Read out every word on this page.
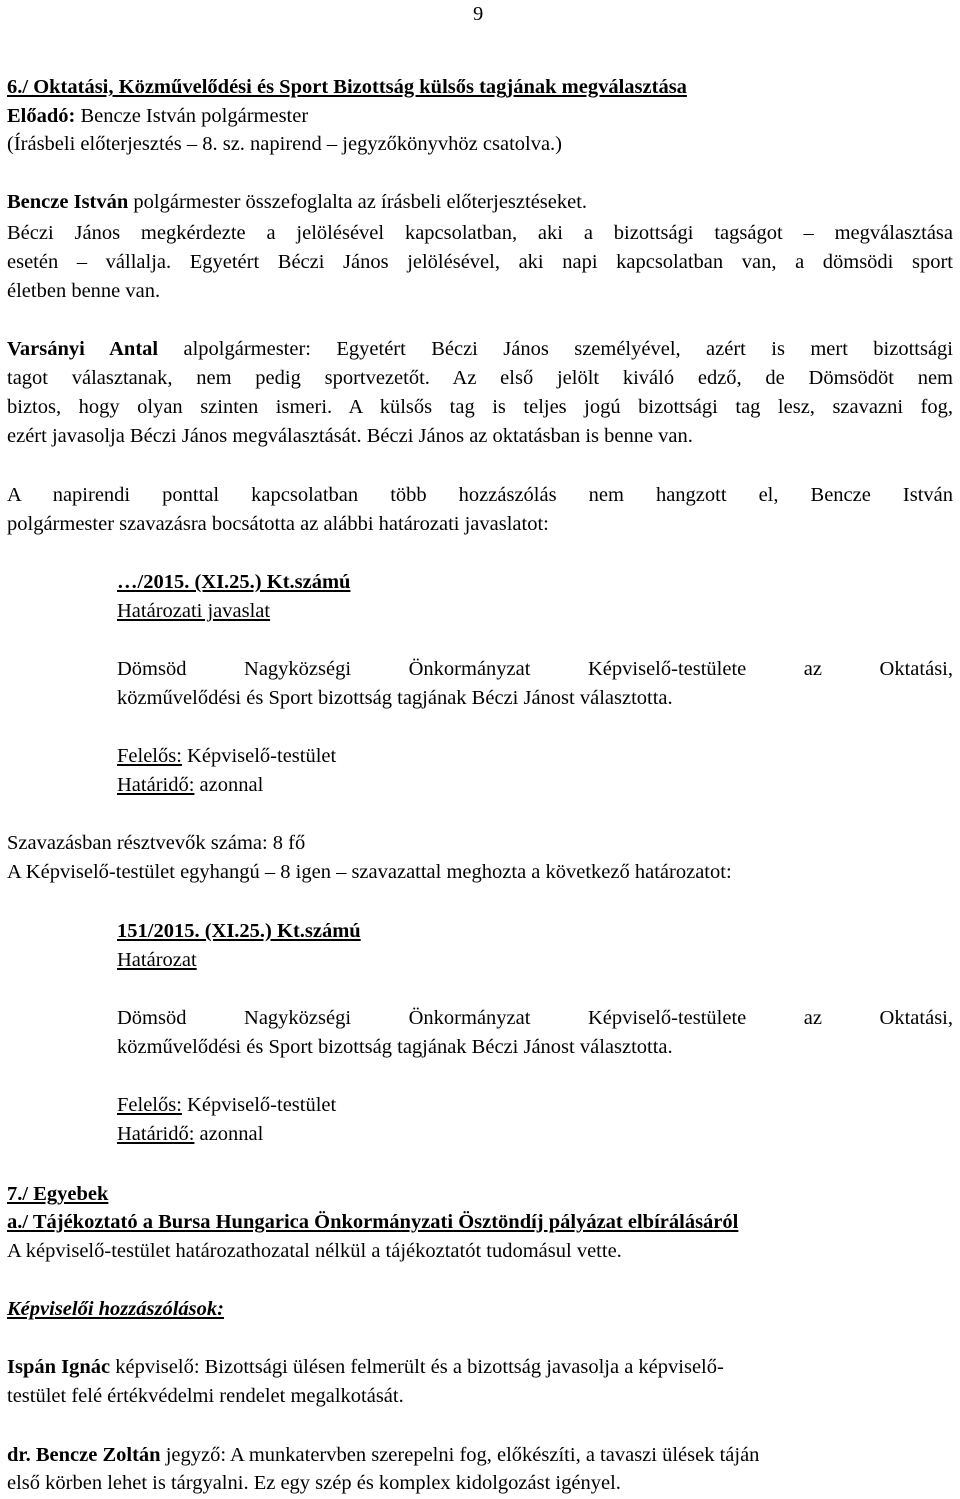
9
6./ Oktatási, Közművelődési és Sport Bizottság külsős tagjának megválasztása
Előadó: Bencze István polgármester
(Írásbeli előterjesztés – 8. sz. napirend – jegyzőkönyvhöz csatolva.)
Bencze István polgármester összefoglalta az írásbeli előterjesztéseket.
Béczi János megkérdezte a jelölésével kapcsolatban, aki a bizottsági tagságot – megválasztása
esetén – vállalja. Egyetért Béczi János jelölésével, aki napi kapcsolatban van, a dömsödi sport
életben benne van.
Varsányi Antal alpolgármester: Egyetért Béczi János személyével, azért is mert bizottsági
tagot választanak, nem pedig sportvezetőt. Az első jelölt kiváló edző, de Dömsödöt nem
biztos, hogy olyan szinten ismeri. A külsős tag is teljes jogú bizottsági tag lesz, szavazni fog,
ezért javasolja Béczi János megválasztását. Béczi János az oktatásban is benne van.
A napirendi ponttal kapcsolatban több hozzászólás nem hangzott el, Bencze István
polgármester szavazásra bocsátotta az alábbi határozati javaslatot:
…/2015. (XI.25.) Kt.számú
Határozati javaslat
Dömsöd Nagyközségi Önkormányzat Képviselő-testülete az Oktatási,
közművelődési és Sport bizottság tagjának Béczi Jánost választotta.
Felelős: Képviselő-testület
Határidő: azonnal
Szavazásban résztvevők száma: 8 fő
A Képviselő-testület egyhangú – 8 igen – szavazattal meghozta a következő határozatot:
151/2015. (XI.25.) Kt.számú
Határozat
Dömsöd Nagyközségi Önkormányzat Képviselő-testülete az Oktatási,
közművelődési és Sport bizottság tagjának Béczi Jánost választotta.
Felelős: Képviselő-testület
Határidő: azonnal
7./ Egyebek
a./ Tájékoztató a Bursa Hungarica Önkormányzati Ösztöndíj pályázat elbírálásáról
A képviselő-testület határozathozatal nélkül a tájékoztatót tudomásul vette.
Képviselői hozzászólások:
Ispán Ignác képviselő: Bizottsági ülésen felmerült és a bizottság javasolja a képviselő-
testület felé értékvédelmi rendelet megalkotását.
dr. Bencze Zoltán jegyző: A munkatervben szerepelni fog, előkészíti, a tavaszi ülések táján
első körben lehet is tárgyalni. Ez egy szép és komplex kidolgozást igényel.
